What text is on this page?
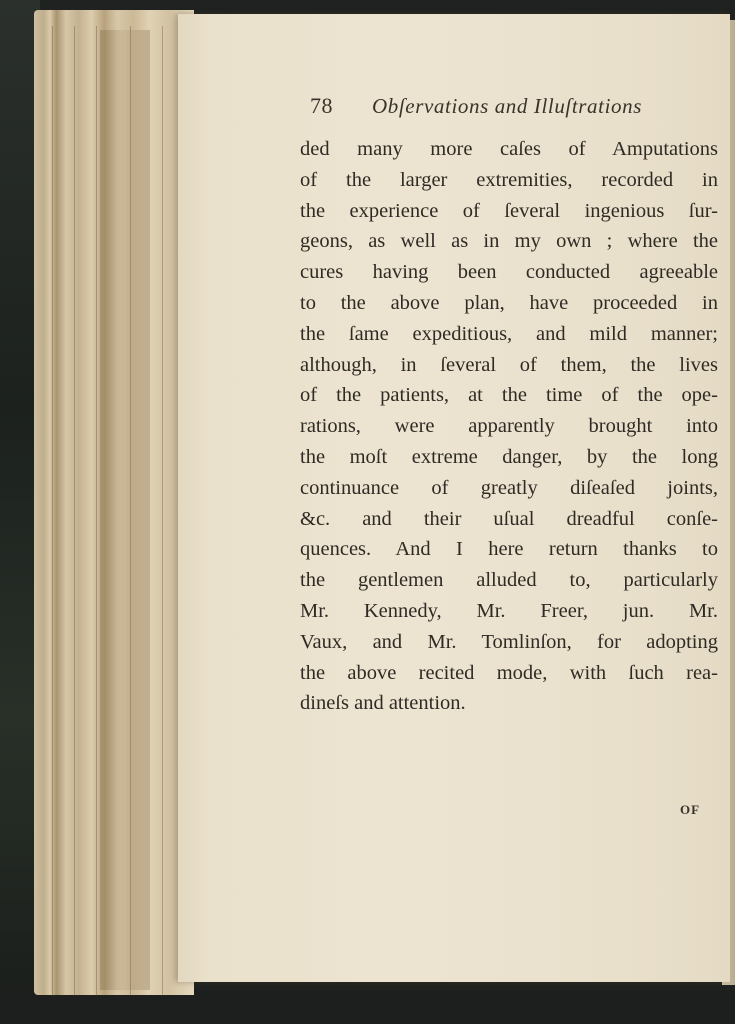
78 Obſervations and Illuſtrations
ded many more caſes of Amputations
of the larger extremities, recorded in
the experience of ſeveral ingenious ſur-
geons, as well as in my own ; where the
cures having been conducted agreeable
to the above plan, have proceeded in
the ſame expeditious, and mild manner;
although, in ſeveral of them, the lives
of the patients, at the time of the ope-
rations, were apparently brought into
the moſt extreme danger, by the long
continuance of greatly diſeaſed joints,
&c. and their uſual dreadful conſe-
quences. And I here return thanks to
the gentlemen alluded to, particularly
Mr. Kennedy, Mr. Freer, jun. Mr.
Vaux, and Mr. Tomlinſon, for adopting
the above recited mode, with ſuch rea-
dineſs and attention.
OF
